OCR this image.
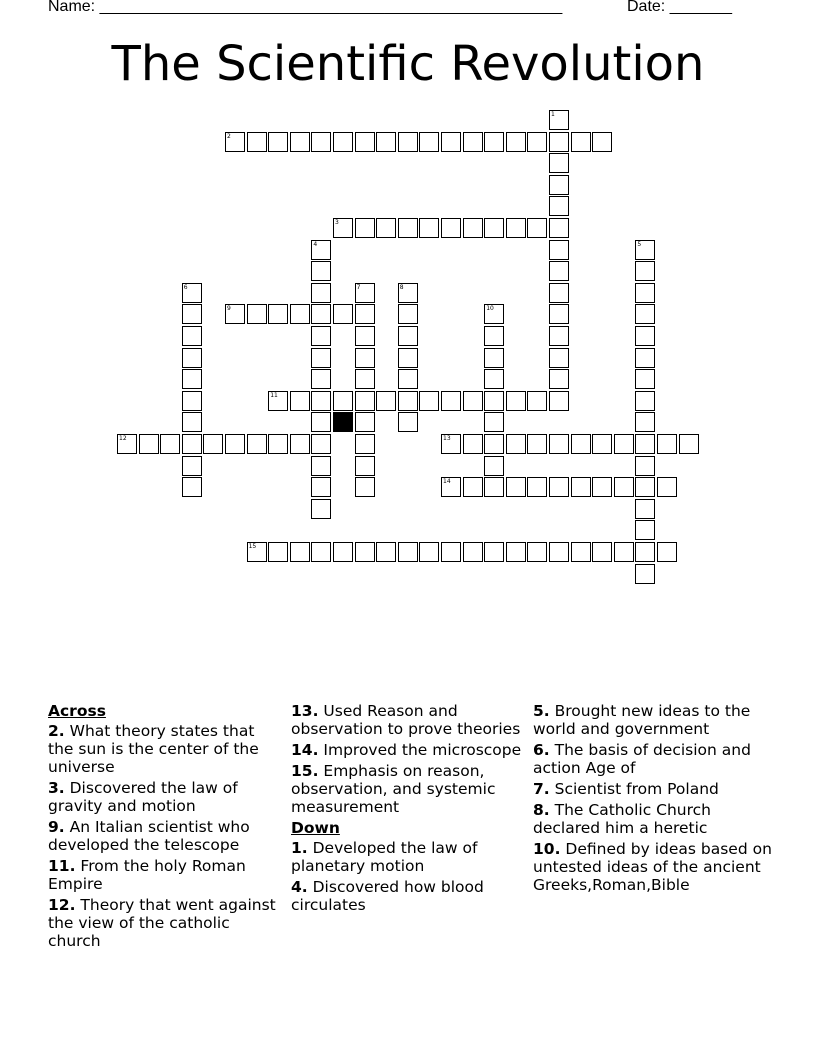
Name: ____________________________________________________	Date: _______
The Scientific Revolution
2
3
9
11
12	13
14
15
1
4	5
6	7	8
10
Across
2. What theory states that the sun is the center of the universe
3. Discovered the law of gravity and motion
9. An Italian scientist who developed the telescope
11. From the holy Roman Empire
12. Theory that went against the view of the catholic church
13. Used Reason and observation to prove theories
14. Improved the microscope
15. Emphasis on reason, observation, and systemic measurement
Down
1. Developed the law of planetary motion
4. Discovered how blood circulates
5. Brought new ideas to the world and government
6. The basis of decision and action Age of
7. Scientist from Poland
8. The Catholic Church declared him a heretic
10. Defined by ideas based on untested ideas of the ancient Greeks,Roman,Bible
